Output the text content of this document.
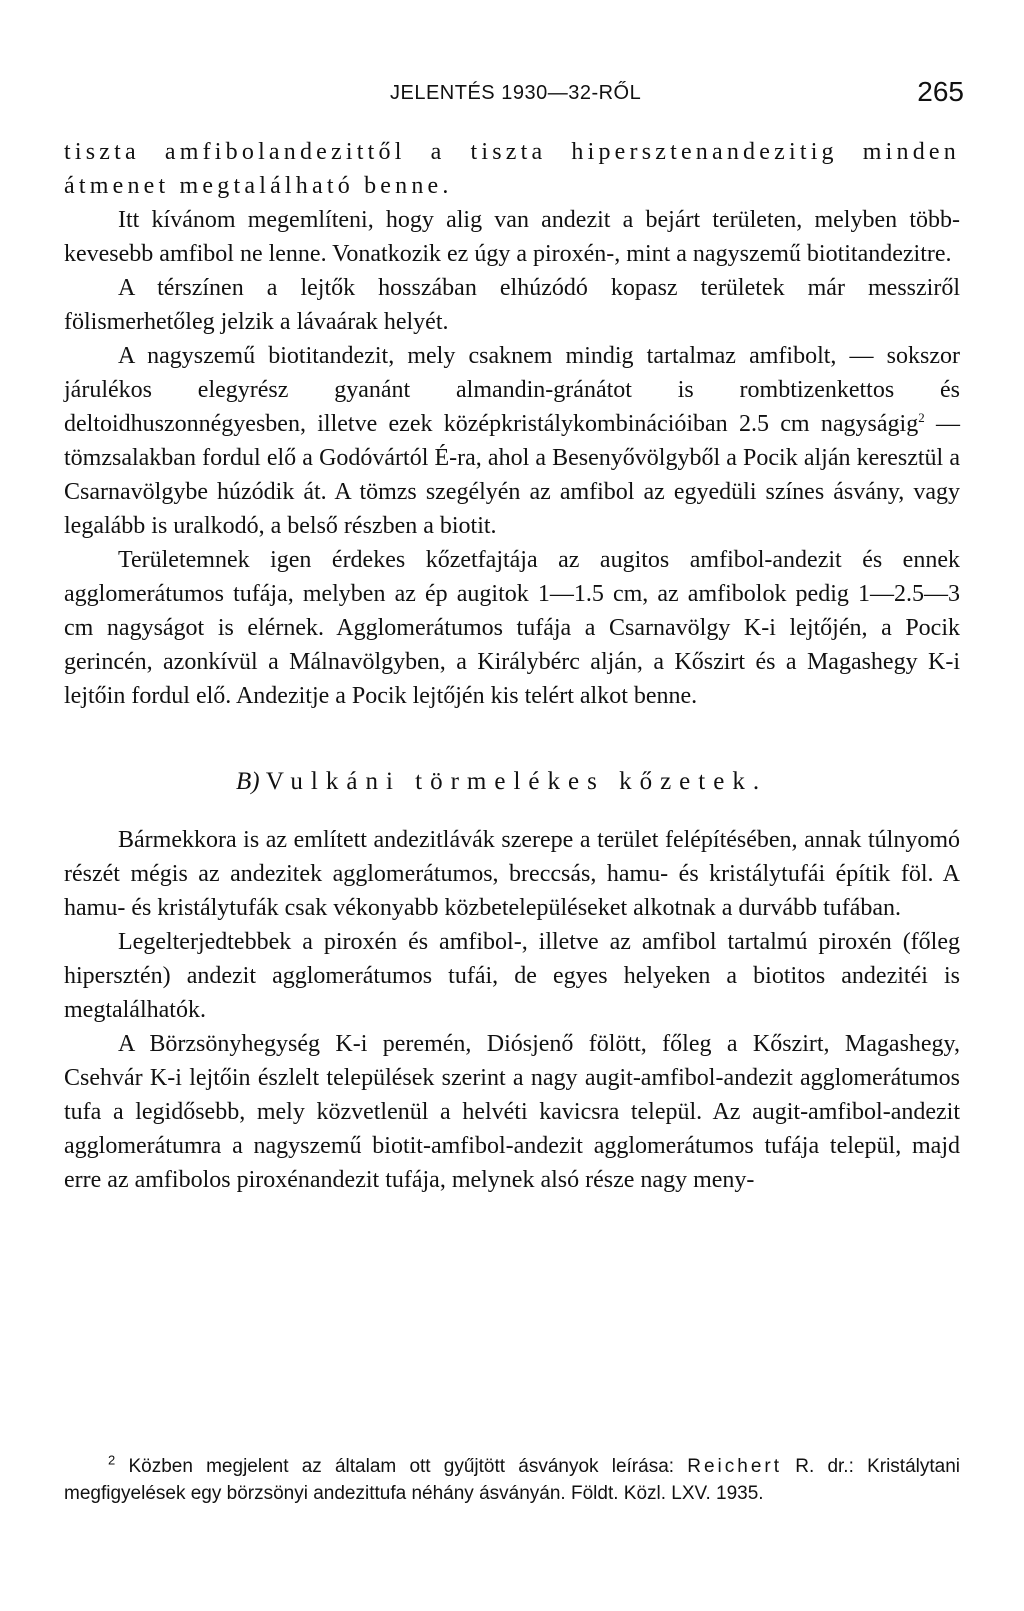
JELENTÉS 1930—32-RŐL	265

tiszta amfibolandezittől a tiszta hipersztenandezitig minden átmenet megtalálható benne.

Itt kívánom megemlíteni, hogy alig van andezit a bejárt területen, melyben több-kevesebb amfibol ne lenne. Vonatkozik ez úgy a piroxén-, mint a nagyszemű biotitandezitre.

A térszínen a lejtők hosszában elhúzódó kopasz területek már messziről fölismerhetőleg jelzik a lávaárak helyét.

A nagyszemű biotitandezit, mely csaknem mindig tartalmaz amfibolt, — sokszor járulékos elegyrész gyanánt almandin-gránátot is rombtizenkettos és deltoidhuszonnégyesben, illetve ezek középkristálykombinációiban 2.5 cm nagyságig$^2$ — tömzsalakban fordul elő a Godóvártól É-ra, ahol a Besenyővölgyből a Pocik alján keresztül a Csarnavölgybe húzódik át. A tömzs szegélyén az amfibol az egyedüli színes ásvány, vagy legalább is uralkodó, a belső részben a biotit.

Területemnek igen érdekes kőzetfajtája az augitos amfibol-andezit és ennek agglomerátumos tufája, melyben az ép augitok 1—1.5 cm, az amfibolok pedig 1—2.5—3 cm nagyságot is elérnek. Agglomerátumos tufája a Csarnavölgy K-i lejtőjén, a Pocik gerincén, azonkívül a Málnavölgyben, a Királybérc alján, a Kőszirt és a Magashegy K-i lejtőin fordul elő. Andezitje a Pocik lejtőjén kis telért alkot benne.

B) Vulkáni törmelékes kőzetek.

Bármekkora is az említett andezitlávák szerepe a terület felépítésében, annak túlnyomó részét mégis az andezitek agglomerátumos, breccsás, hamu- és kristálytufái építik föl. A hamu- és kristálytufák csak vékonyabb közbetelepüléseket alkotnak a durvább tufában.

Legelterjedtebbek a piroxén és amfibol-, illetve az amfibol tartalmú piroxén (főleg hipersztén) andezit agglomerátumos tufái, de egyes helyeken a biotitos andezitéi is megtalálhatók.

A Börzsönyhegység K-i peremén, Diósjenő fölött, főleg a Kőszirt, Magashegy, Csehvár K-i lejtőin észlelt települések szerint a nagy augit-amfibol-andezit agglomerátumos tufa a legidősebb, mely közvetlenül a helvéti kavicsra települ. Az augit-amfibol-andezit agglomerátumra a nagyszemű biotit-amfibol-andezit agglomerátumos tufája települ, majd erre az amfibolos piroxénandezit tufája, melynek alsó része nagy meny-

$^2$ Közben megjelent az általam ott gyűjtött ásványok leírása: Reichert R. dr.: Kristálytani megfigyelések egy börzsönyi andezittufa néhány ásványán. Földt. Közl. LXV. 1935.
